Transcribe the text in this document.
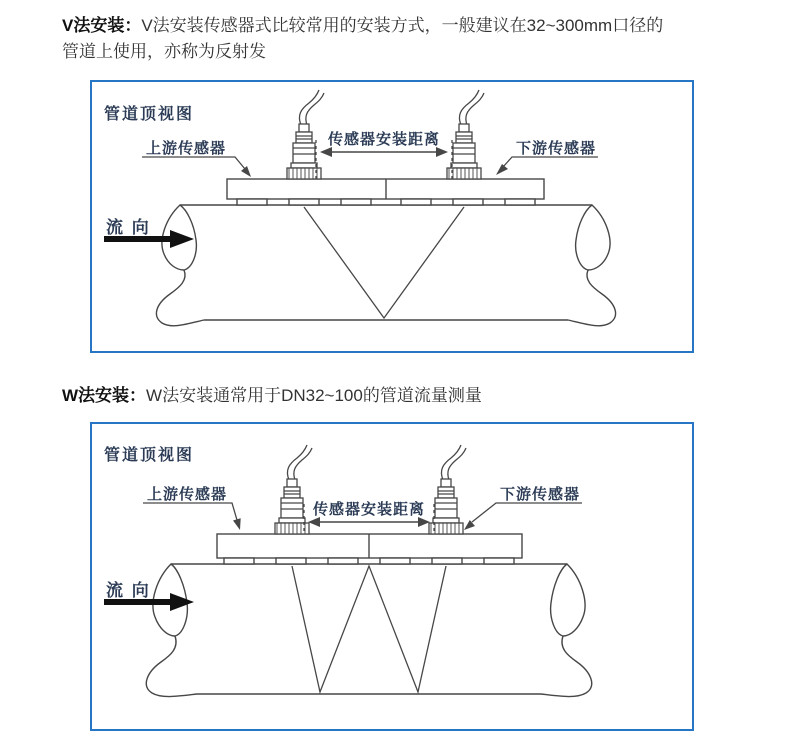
V法安装：V法安装传感器式比较常用的安装方式，一般建议在32~300mm口径的
管道上使用，亦称为反射发
管道顶视图
传感器安装距离
上游传感器	下游传感器
流 向
W法安装：W法安装通常用于DN32~100的管道流量测量
管道顶视图
传感器安装距离
上游传感器	下游传感器
流 向
